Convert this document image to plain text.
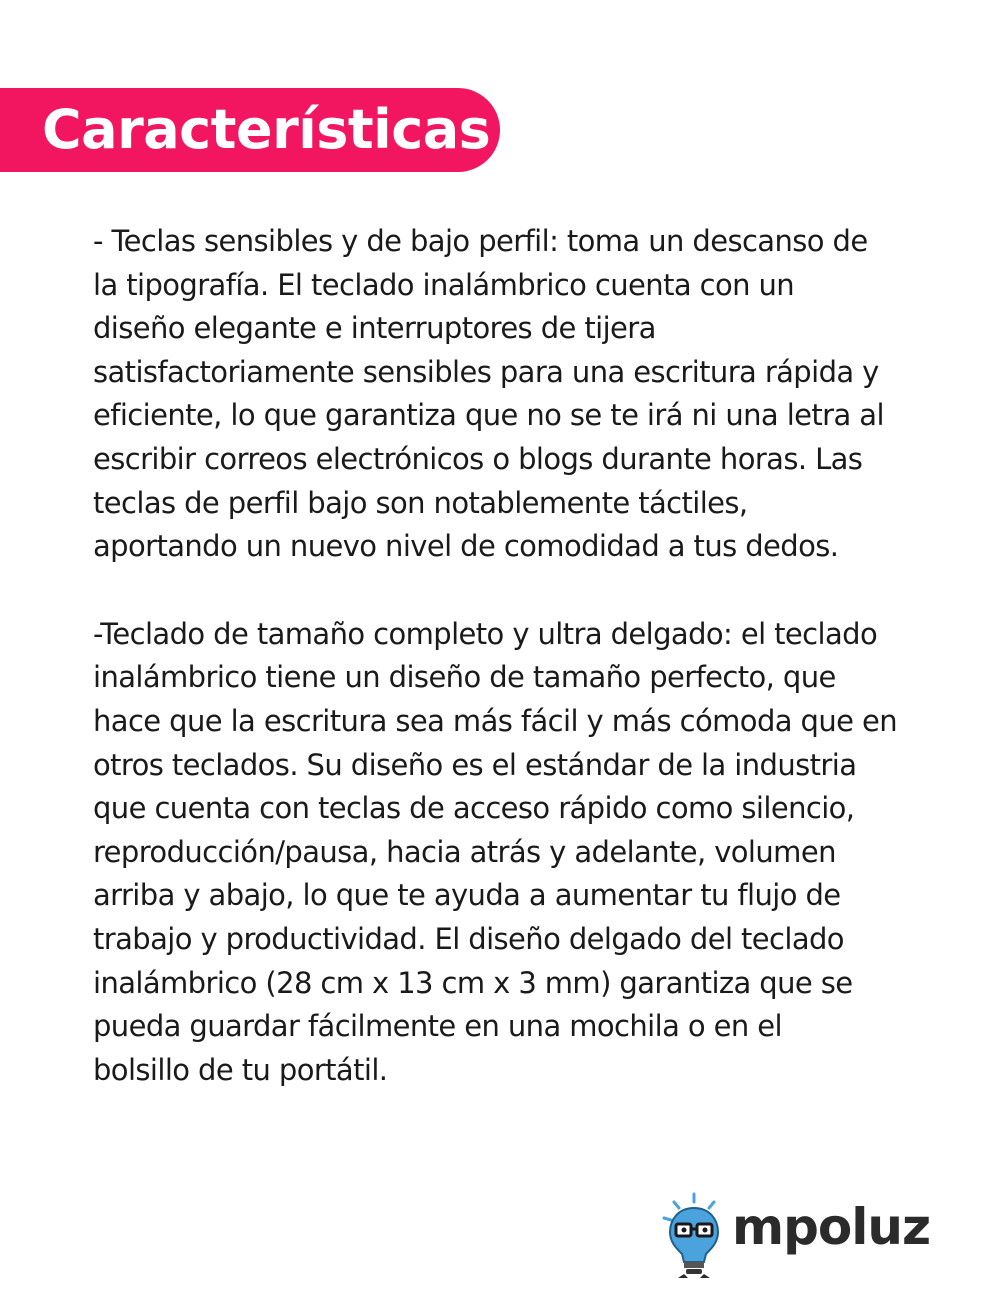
Características

- Teclas sensibles y de bajo perfil: toma un descanso de
la tipografía. El teclado inalámbrico cuenta con un
diseño elegante e interruptores de tijera
satisfactoriamente sensibles para una escritura rápida y
eficiente, lo que garantiza que no se te irá ni una letra al
escribir correos electrónicos o blogs durante horas. Las
teclas de perfil bajo son notablemente táctiles,
aportando un nuevo nivel de comodidad a tus dedos.

-Teclado de tamaño completo y ultra delgado: el teclado
inalámbrico tiene un diseño de tamaño perfecto, que
hace que la escritura sea más fácil y más cómoda que en
otros teclados. Su diseño es el estándar de la industria
que cuenta con teclas de acceso rápido como silencio,
reproducción/pausa, hacia atrás y adelante, volumen
arriba y abajo, lo que te ayuda a aumentar tu flujo de
trabajo y productividad. El diseño delgado del teclado
inalámbrico (28 cm x 13 cm x 3 mm) garantiza que se
pueda guardar fácilmente en una mochila o en el
bolsillo de tu portátil.

mpoluz
